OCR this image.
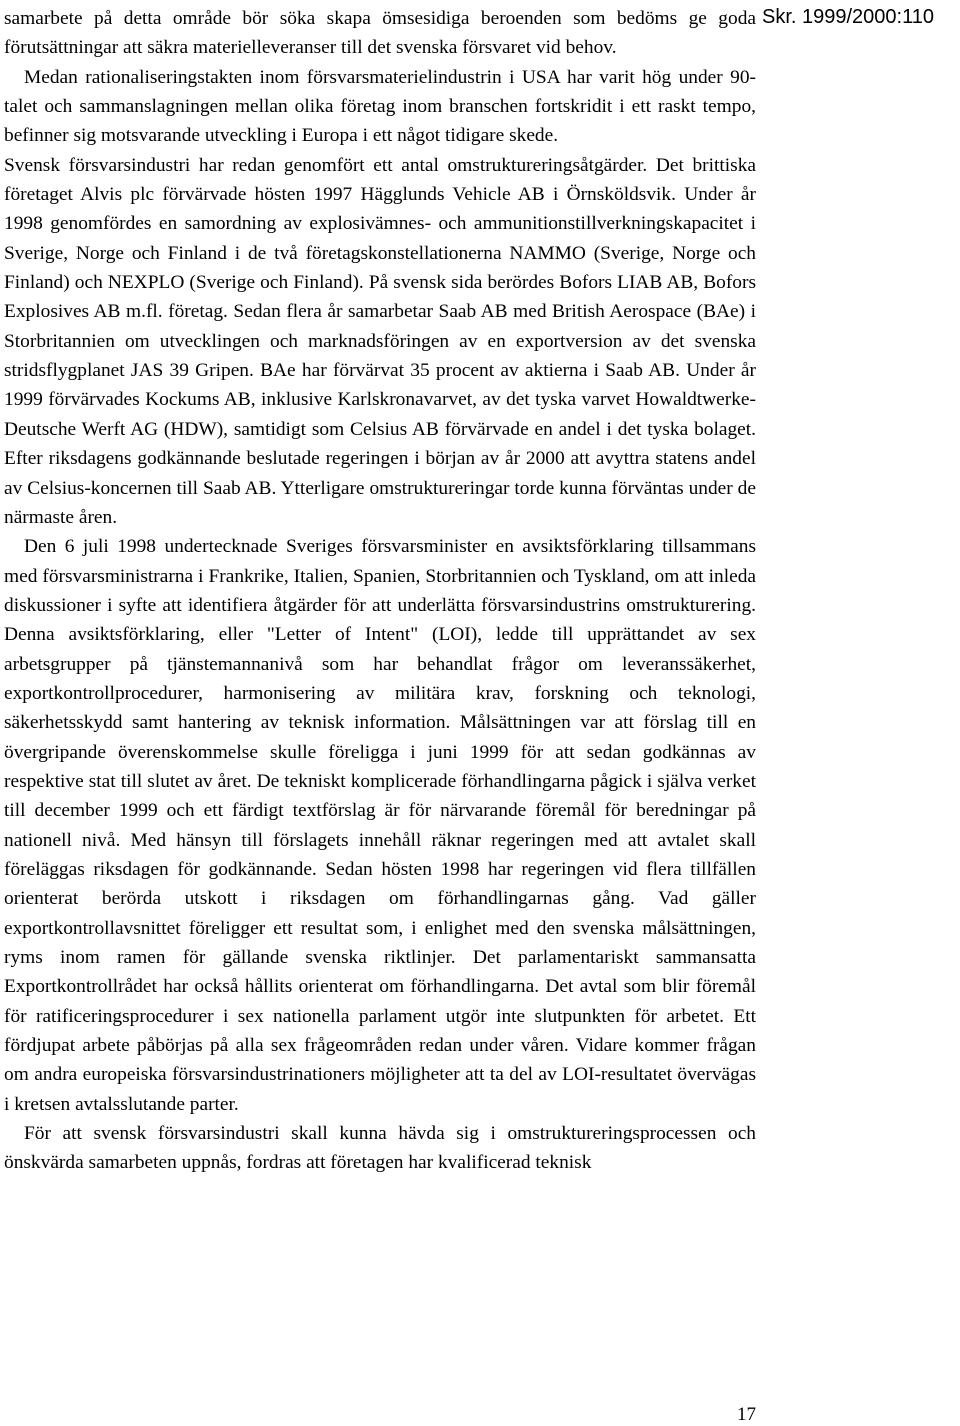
Skr. 1999/2000:110

samarbete på detta område bör söka skapa ömsesidiga beroenden som bedöms ge goda förutsättningar att säkra materielleveranser till det svenska försvaret vid behov.

Medan rationaliseringstakten inom försvarsmaterielindustrin i USA har varit hög under 90-talet och sammanslagningen mellan olika företag inom branschen fortskridit i ett raskt tempo, befinner sig motsvarande utveckling i Europa i ett något tidigare skede.

Svensk försvarsindustri har redan genomfört ett antal omstruktureringsåtgärder. Det brittiska företaget Alvis plc förvärvade hösten 1997 Hägglunds Vehicle AB i Örnsköldsvik. Under år 1998 genomfördes en samordning av explosivämnes- och ammunitionstillverkningskapacitet i Sverige, Norge och Finland i de två företagskonstellationerna NAMMO (Sverige, Norge och Finland) och NEXPLO (Sverige och Finland). På svensk sida berördes Bofors LIAB AB, Bofors Explosives AB m.fl. företag. Sedan flera år samarbetar Saab AB med British Aerospace (BAe) i Storbritannien om utvecklingen och marknadsföringen av en exportversion av det svenska stridsflygplanet JAS 39 Gripen. BAe har förvärvat 35 procent av aktierna i Saab AB. Under år 1999 förvärvades Kockums AB, inklusive Karlskronavarvet, av det tyska varvet Howaldtwerke-Deutsche Werft AG (HDW), samtidigt som Celsius AB förvärvade en andel i det tyska bolaget. Efter riksdagens godkännande beslutade regeringen i början av år 2000 att avyttra statens andel av Celsius-koncernen till Saab AB. Ytterligare omstruktureringar torde kunna förväntas under de närmaste åren.

Den 6 juli 1998 undertecknade Sveriges försvarsminister en avsiktsförklaring tillsammans med försvarsministrarna i Frankrike, Italien, Spanien, Storbritannien och Tyskland, om att inleda diskussioner i syfte att identifiera åtgärder för att underlätta försvarsindustrins omstrukturering. Denna avsiktsförklaring, eller "Letter of Intent" (LOI), ledde till upprättandet av sex arbetsgrupper på tjänstemannanivå som har behandlat frågor om leveranssäkerhet, exportkontrollprocedurer, harmonisering av militära krav, forskning och teknologi, säkerhetsskydd samt hantering av teknisk information. Målsättningen var att förslag till en övergripande överenskommelse skulle föreligga i juni 1999 för att sedan godkännas av respektive stat till slutet av året. De tekniskt komplicerade förhandlingarna pågick i själva verket till december 1999 och ett färdigt textförslag är för närvarande föremål för beredningar på nationell nivå. Med hänsyn till förslagets innehåll räknar regeringen med att avtalet skall föreläggas riksdagen för godkännande. Sedan hösten 1998 har regeringen vid flera tillfällen orienterat berörda utskott i riksdagen om förhandlingarnas gång. Vad gäller exportkontrollavsnittet föreligger ett resultat som, i enlighet med den svenska målsättningen, ryms inom ramen för gällande svenska riktlinjer. Det parlamentariskt sammansatta Exportkontrollrådet har också hållits orienterat om förhandlingarna. Det avtal som blir föremål för ratificeringsprocedurer i sex nationella parlament utgör inte slutpunkten för arbetet. Ett fördjupat arbete påbörjas på alla sex frågeområden redan under våren. Vidare kommer frågan om andra europeiska försvarsindustrinationers möjligheter att ta del av LOI-resultatet övervägas i kretsen avtalsslutande parter.

För att svensk försvarsindustri skall kunna hävda sig i omstruktureringsprocessen och önskvärda samarbeten uppnås, fordras att företagen har kvalificerad teknisk

17
